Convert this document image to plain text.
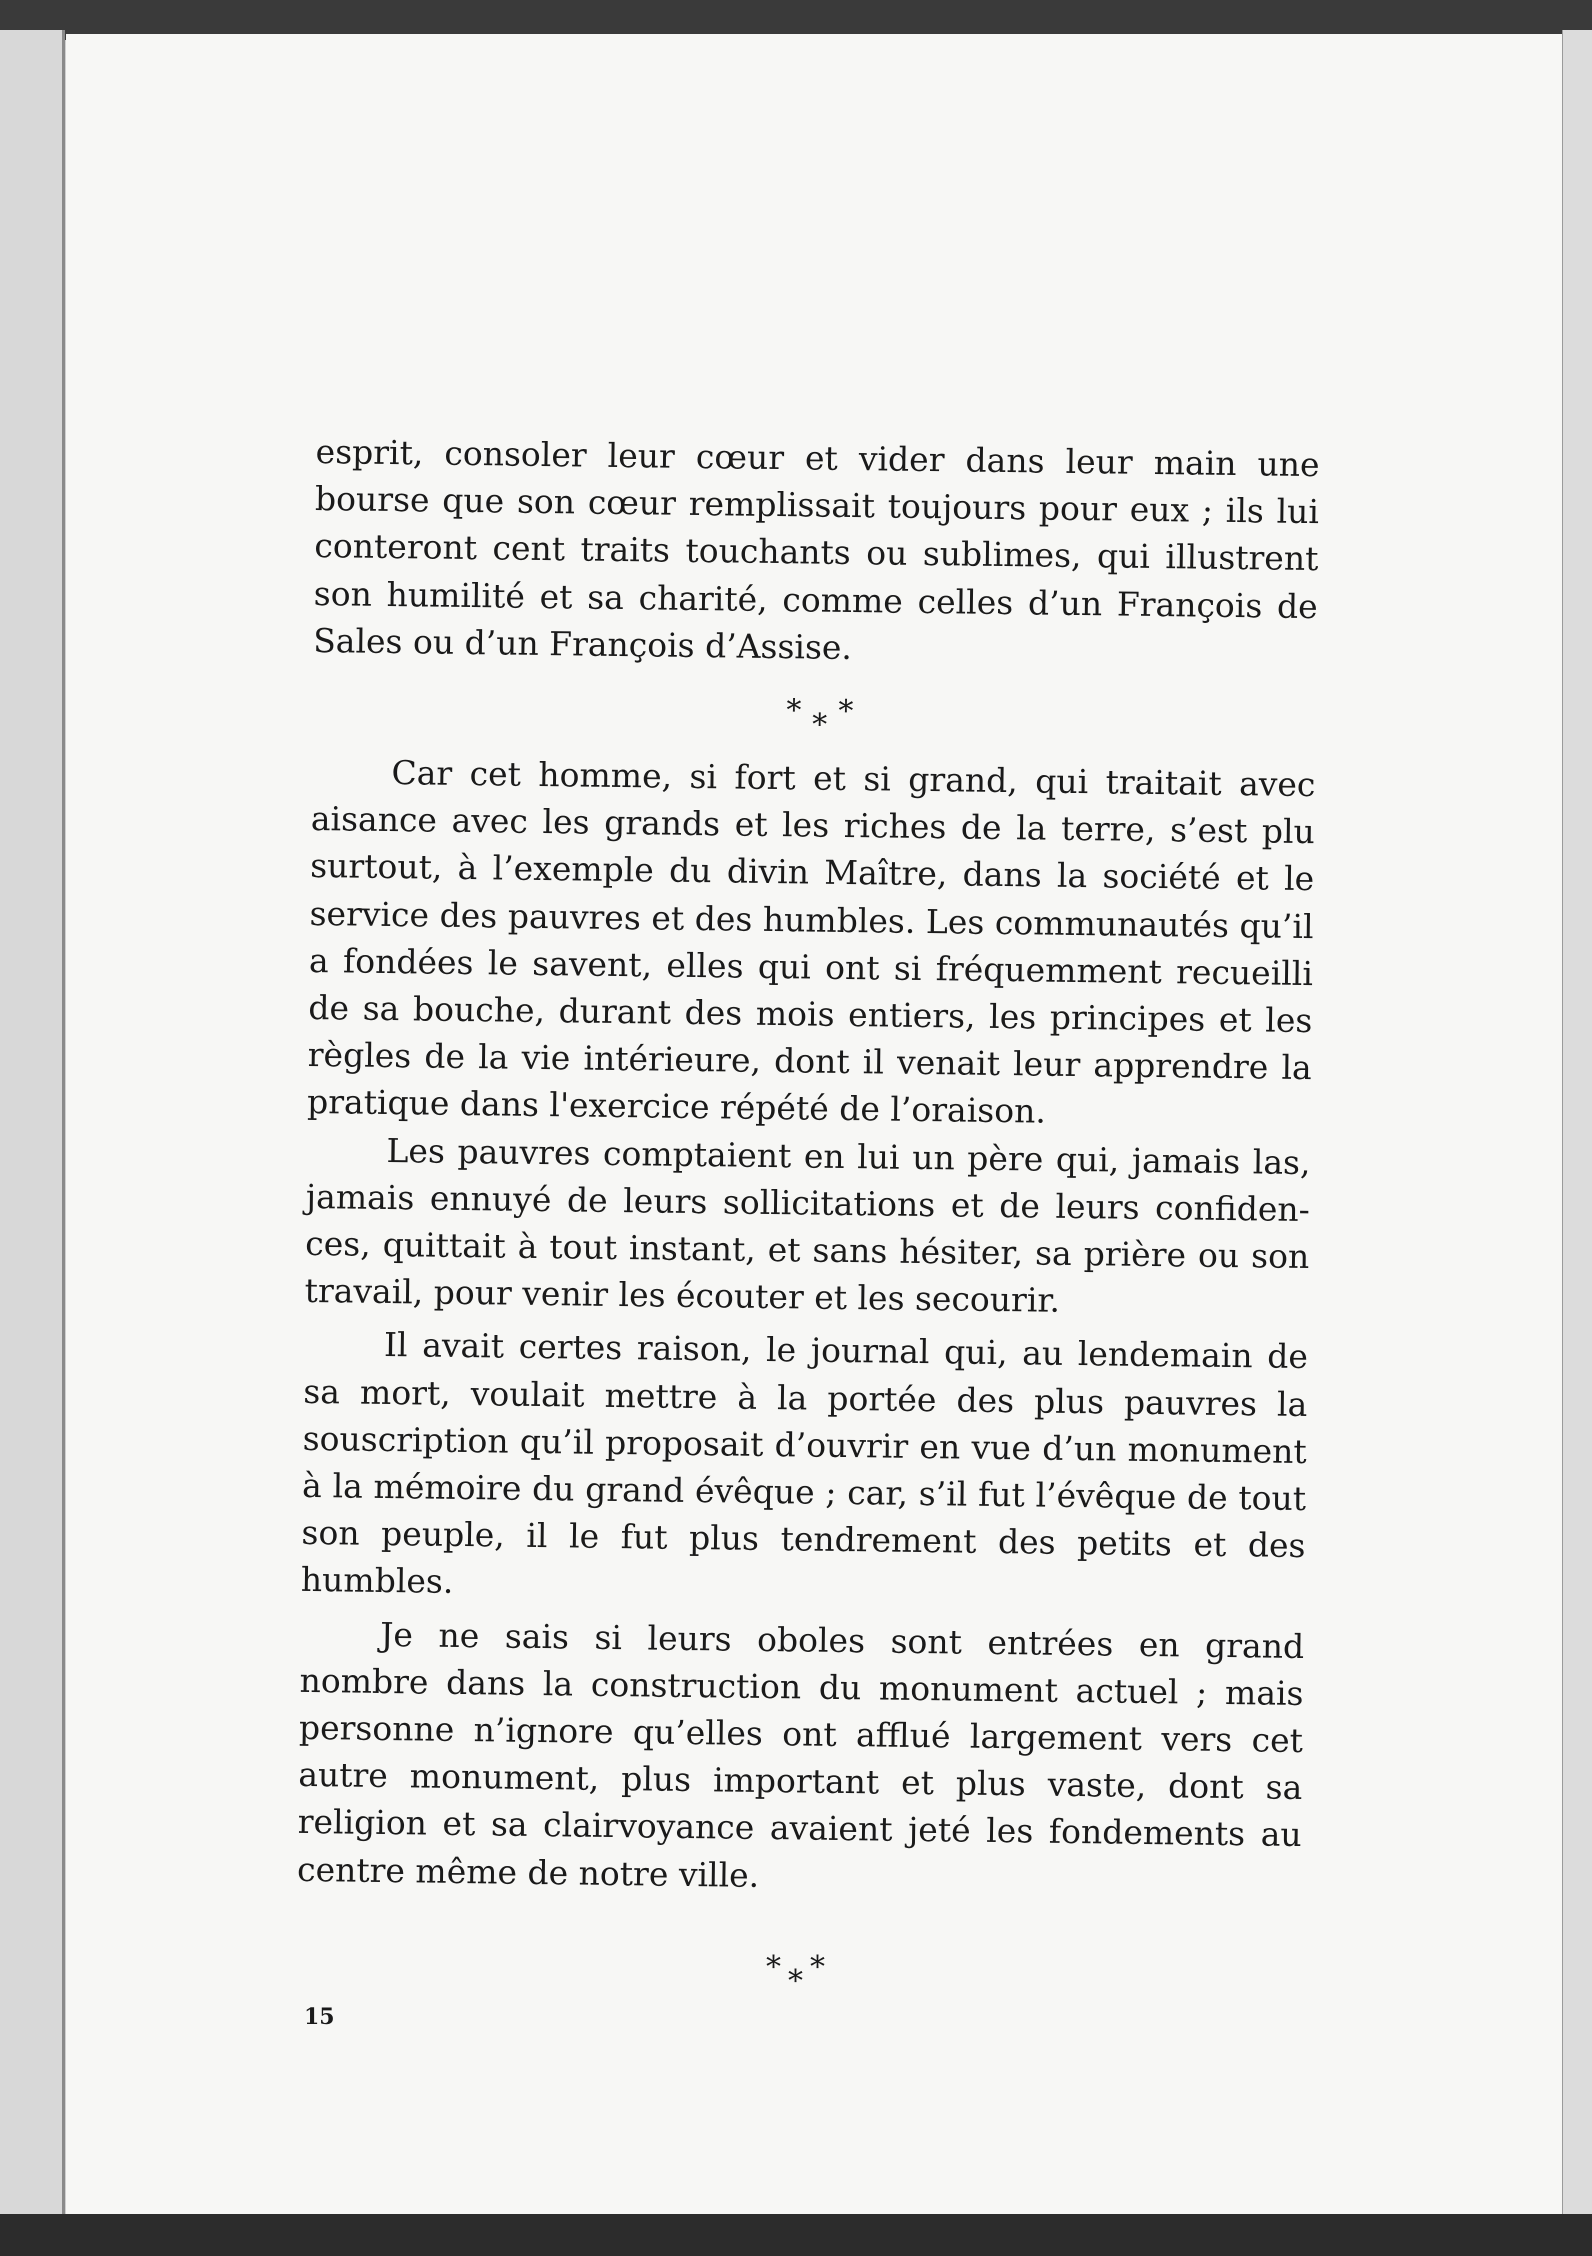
esprit, consoler leur cœur et vider dans leur main une bourse que son cœur remplissait toujours pour eux ; ils lui conteront cent traits touchants ou sublimes, qui illustrent son humilité et sa charité, comme celles d’un François de Sales ou d’un François d’Assise.

* * *

Car cet homme, si fort et si grand, qui traitait avec aisance avec les grands et les riches de la terre, s’est plu surtout, à l’exemple du divin Maître, dans la société et le service des pauvres et des humbles. Les communautés qu’il a fondées le savent, elles qui ont si fréquemment recueilli de sa bouche, durant des mois entiers, les principes et les règles de la vie intérieure, dont il venait leur apprendre la pratique dans l'exercice répété de l’oraison.

Les pauvres comptaient en lui un père qui, jamais las, jamais ennuyé de leurs sollicitations et de leurs confidences, quittait à tout instant, et sans hésiter, sa prière ou son travail, pour venir les écouter et les secourir.

Il avait certes raison, le journal qui, au lendemain de sa mort, voulait mettre à la portée des plus pauvres la souscription qu’il proposait d’ouvrir en vue d’un monument à la mémoire du grand évêque ; car, s’il fut l’évêque de tout son peuple, il le fut plus tendrement des petits et des humbles.

Je ne sais si leurs oboles sont entrées en grand nombre dans la construction du monument actuel ; mais personne n’ignore qu’elles ont afflué largement vers cet autre monument, plus important et plus vaste, dont sa religion et sa clairvoyance avaient jeté les fondements au centre même de notre ville.

* * *
15
